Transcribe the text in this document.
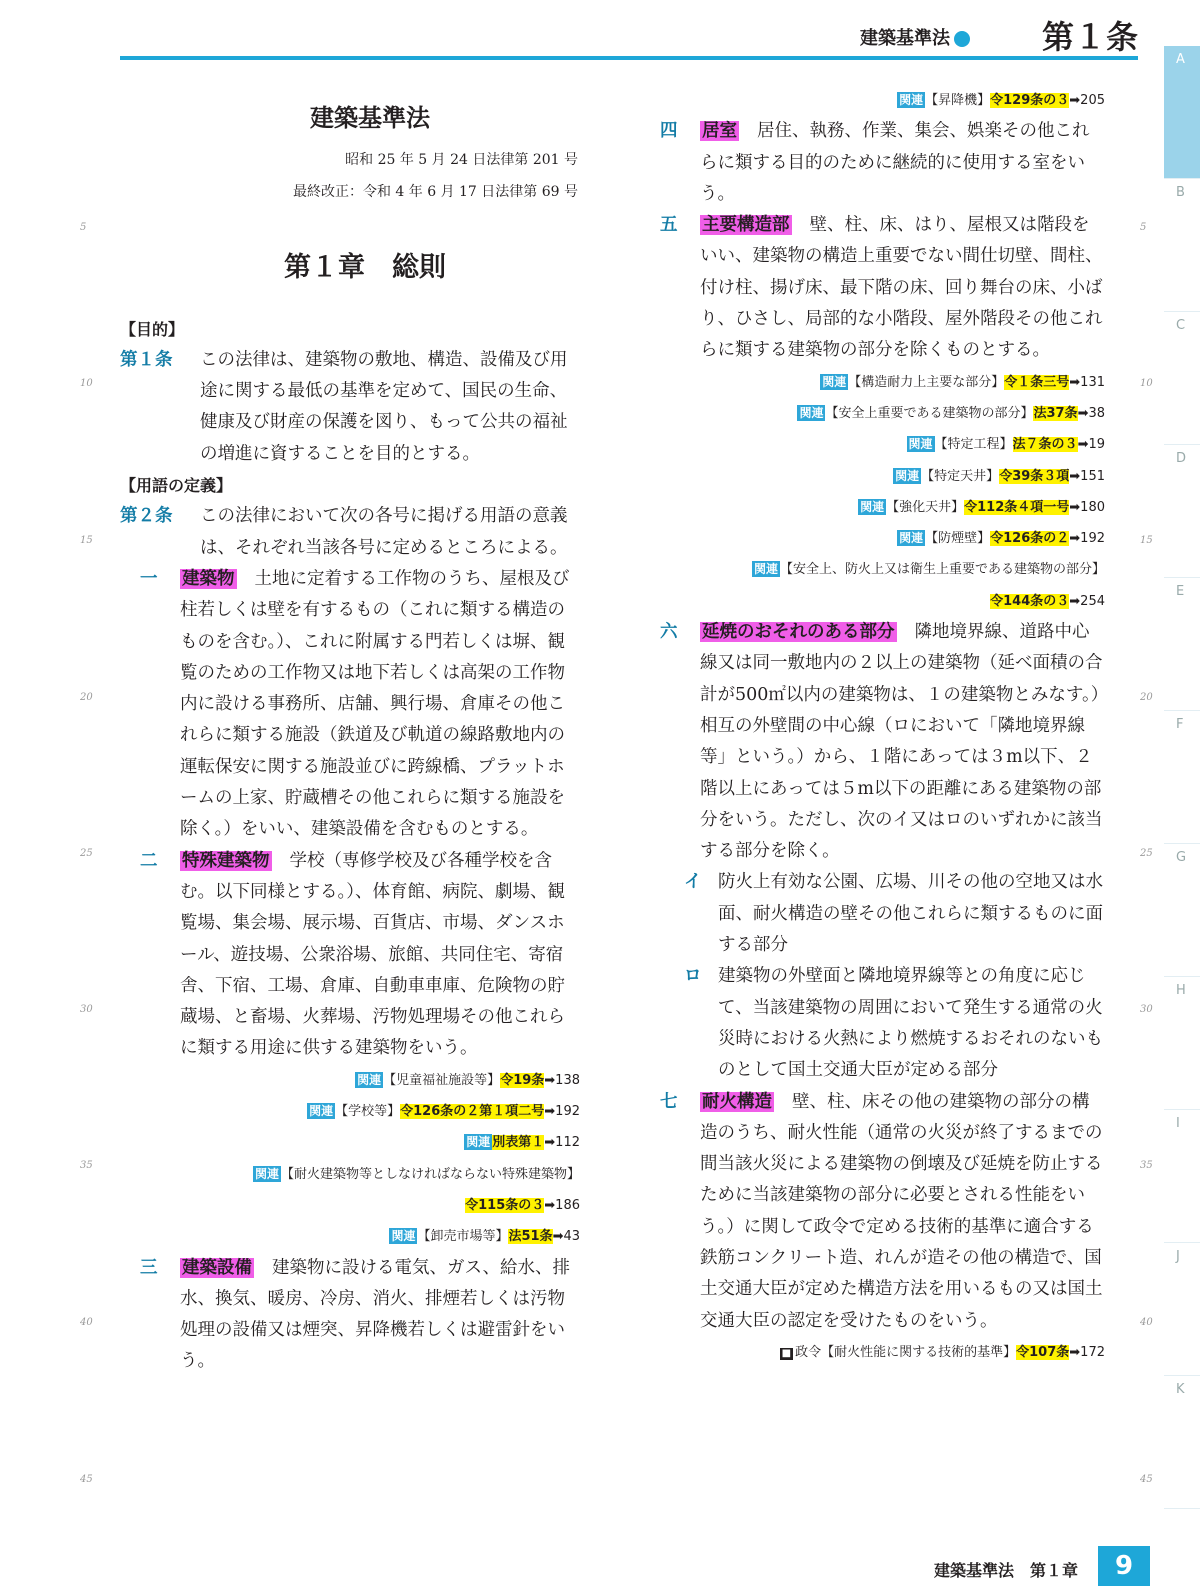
建築基準法	第１条
A
B
C
D
E
F
G
H
I
J
K
5
10
15
20
25
30
35
40
45
5
10
15
20
25
30
35
40
45
建築基準法
昭和 25 年 5 月 24 日法律第 201 号
最終改正：令和 4 年 6 月 17 日法律第 69 号
第１章　総則
【目的】
第１条 この法律は、建築物の敷地、構造、設備及び用途に関する最低の基準を定めて、国民の生命、健康及び財産の保護を図り、もって公共の福祉の増進に資することを目的とする。
【用語の定義】
第２条 この法律において次の各号に掲げる用語の意義は、それぞれ当該各号に定めるところによる。
一 建築物 土地に定着する工作物のうち、屋根及び柱若しくは壁を有するもの（これに類する構造のものを含む。）、これに附属する門若しくは塀、観覧のための工作物又は地下若しくは高架の工作物内に設ける事務所、店舗、興行場、倉庫その他これらに類する施設（鉄道及び軌道の線路敷地内の運転保安に関する施設並びに跨線橋、プラットホームの上家、貯蔵槽その他これらに類する施設を除く。）をいい、建築設備を含むものとする。
二 特殊建築物 学校（専修学校及び各種学校を含む。以下同様とする。）、体育館、病院、劇場、観覧場、集会場、展示場、百貨店、市場、ダンスホール、遊技場、公衆浴場、旅館、共同住宅、寄宿舎、下宿、工場、倉庫、自動車車庫、危険物の貯蔵場、と畜場、火葬場、汚物処理場その他これらに類する用途に供する建築物をいう。
関連 【児童福祉施設等】令19条➡138
関連 【学校等】令126条の２第１項二号➡192
関連 別表第１➡112
関連 【耐火建築物等としなければならない特殊建築物】
令115条の３➡186
関連 【卸売市場等】法51条➡43
三 建築設備 建築物に設ける電気、ガス、給水、排水、換気、暖房、冷房、消火、排煙若しくは汚物処理の設備又は煙突、昇降機若しくは避雷針をいう。
関連 【昇降機】令129条の３➡205
四 居室 居住、執務、作業、集会、娯楽その他これらに類する目的のために継続的に使用する室をいう。
五 主要構造部 壁、柱、床、はり、屋根又は階段をいい、建築物の構造上重要でない間仕切壁、間柱、付け柱、揚げ床、最下階の床、回り舞台の床、小ばり、ひさし、局部的な小階段、屋外階段その他これらに類する建築物の部分を除くものとする。
関連 【構造耐力上主要な部分】令１条三号➡131
関連 【安全上重要である建築物の部分】法37条➡38
関連 【特定工程】法７条の３➡19
関連 【特定天井】令39条３項➡151
関連 【強化天井】令112条４項一号➡180
関連 【防煙壁】令126条の２➡192
関連 【安全上、防火上又は衛生上重要である建築物の部分】
令144条の３➡254
六 延焼のおそれのある部分 隣地境界線、道路中心線又は同一敷地内の２以上の建築物（延べ面積の合計が500㎡以内の建築物は、１の建築物とみなす。）相互の外壁間の中心線（ロにおいて「隣地境界線等」という。）から、１階にあっては３m以下、２階以上にあっては５m以下の距離にある建築物の部分をいう。ただし、次のイ又はロのいずれかに該当する部分を除く。
イ 防火上有効な公園、広場、川その他の空地又は水面、耐火構造の壁その他これらに類するものに面する部分
ロ 建築物の外壁面と隣地境界線等との角度に応じて、当該建築物の周囲において発生する通常の火災時における火熱により燃焼するおそれのないものとして国土交通大臣が定める部分
七 耐火構造 壁、柱、床その他の建築物の部分の構造のうち、耐火性能（通常の火災が終了するまでの間当該火災による建築物の倒壊及び延焼を防止するために当該建築物の部分に必要とされる性能をいう。）に関して政令で定める技術的基準に適合する鉄筋コンクリート造、れんが造その他の構造で、国土交通大臣が定めた構造方法を用いるもの又は国土交通大臣の認定を受けたものをいう。
■ 政令【耐火性能に関する技術的基準】令107条➡172
建築基準法　第１章	9
